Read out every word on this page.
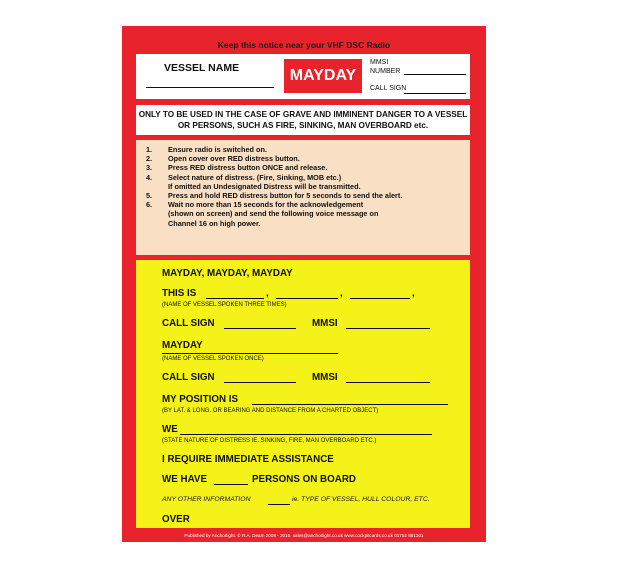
Keep this notice near your VHF DSC Radio
VESSEL NAME	MAYDAY
MMSI
NUMBER
CALL SIGN
ONLY TO BE USED IN THE CASE OF GRAVE AND IMMINENT DANGER TO A VESSEL OR PERSONS, SUCH AS FIRE, SINKING, MAN OVERBOARD etc.
1.	Ensure radio is switched on.
2.	Open cover over RED distress button.
3.	Press RED distress button ONCE and release.
4.	Select nature of distress. (Fire, Sinking, MOB etc.)
If omitted an Undesignated Distress will be transmitted.
5.	Press and hold RED distress button for 5 seconds to send the alert.
6.	Wait no more than 15 seconds for the acknowledgement
(shown on screen) and send the following voice message on
Channel 16 on high power.
MAYDAY, MAYDAY, MAYDAY
THIS IS	,	,	,
(NAME OF VESSEL SPOKEN THREE TIMES)
CALL SIGN	MMSI
MAYDAY
(NAME OF VESSEL SPOKEN ONCE)
CALL SIGN	MMSI
MY POSITION IS
(BY LAT. & LONG. OR BEARING AND DISTANCE FROM A CHARTED OBJECT)
WE
(STATE NATURE OF DISTRESS IE. SINKING, FIRE, MAN OVERBOARD ETC.)
I REQUIRE IMMEDIATE ASSISTANCE
WE HAVE	PERSONS ON BOARD
ANY OTHER INFORMATION	ie. TYPE OF VESSEL, HULL COLOUR, ETC.
OVER
Published by Anchorlight. © R.A. Deam 2008 - 2015. sales@anchorlight.co.uk www.cockpitcards.co.uk 01752 881301
